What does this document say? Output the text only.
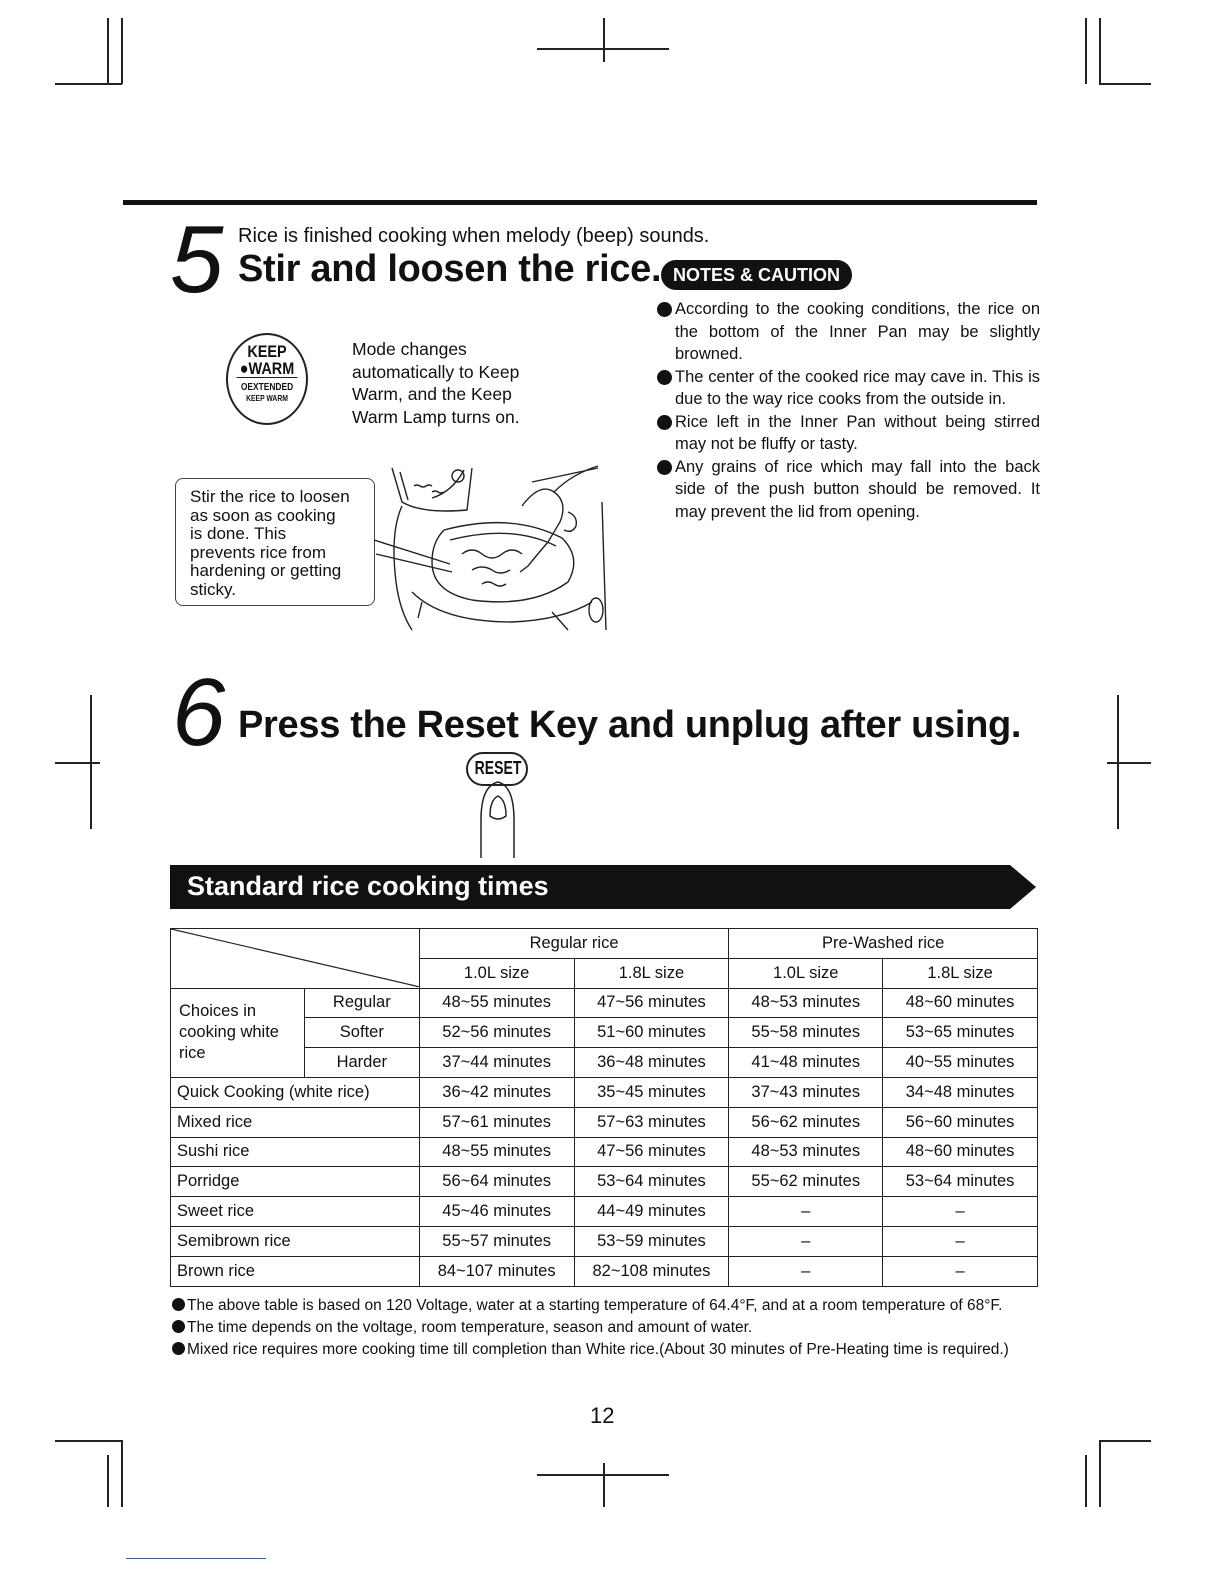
5 Rice is finished cooking when melody (beep) sounds.
Stir and loosen the rice. NOTES & CAUTION

According to the cooking conditions, the rice on the bottom of the Inner Pan may be slightly browned.

The center of the cooked rice may cave in. This is due to the way rice cooks from the outside in.

Rice left in the Inner Pan without being stirred may not be fluffy or tasty.

Any grains of rice which may fall into the back side of the push button should be removed. It may prevent the lid from opening.

KEEP
●WARM
OEXTENDED
KEEP WARM
Mode changes
automatically to Keep
Warm, and the Keep
Warm Lamp turns on.
Stir the rice to loosen
as soon as cooking
is done. This
prevents rice from
hardening or getting
sticky.
6 Press the Reset Key and unplug after using.
RESET
Standard rice cooking times
	Regular rice		Pre-Washed rice	
		1.0L size	1.8L size	1.0L size	1.8L size
Choices in cooking white rice	Regular	48~55 minutes	47~56 minutes	48~53 minutes	48~60 minutes
	Softer	52~56 minutes	51~60 minutes	55~58 minutes	53~65 minutes
	Harder	37~44 minutes	36~48 minutes	41~48 minutes	40~55 minutes
Quick Cooking (white rice)		36~42 minutes	35~45 minutes	37~43 minutes	34~48 minutes
Mixed rice		57~61 minutes	57~63 minutes	56~62 minutes	56~60 minutes
Sushi rice		48~55 minutes	47~56 minutes	48~53 minutes	48~60 minutes
Porridge		56~64 minutes	53~64 minutes	55~62 minutes	53~64 minutes
Sweet rice		45~46 minutes	44~49 minutes	–	–
Semibrown rice		55~57 minutes	53~59 minutes	–	–
Brown rice		84~107 minutes	82~108 minutes	–	–
The above table is based on 120 Voltage, water at a starting temperature of 64.4°F, and at a room temperature of 68°F.
The time depends on the voltage, room temperature, season and amount of water.
Mixed rice requires more cooking time till completion than White rice.(About 30 minutes of Pre-Heating time is required.)
12
